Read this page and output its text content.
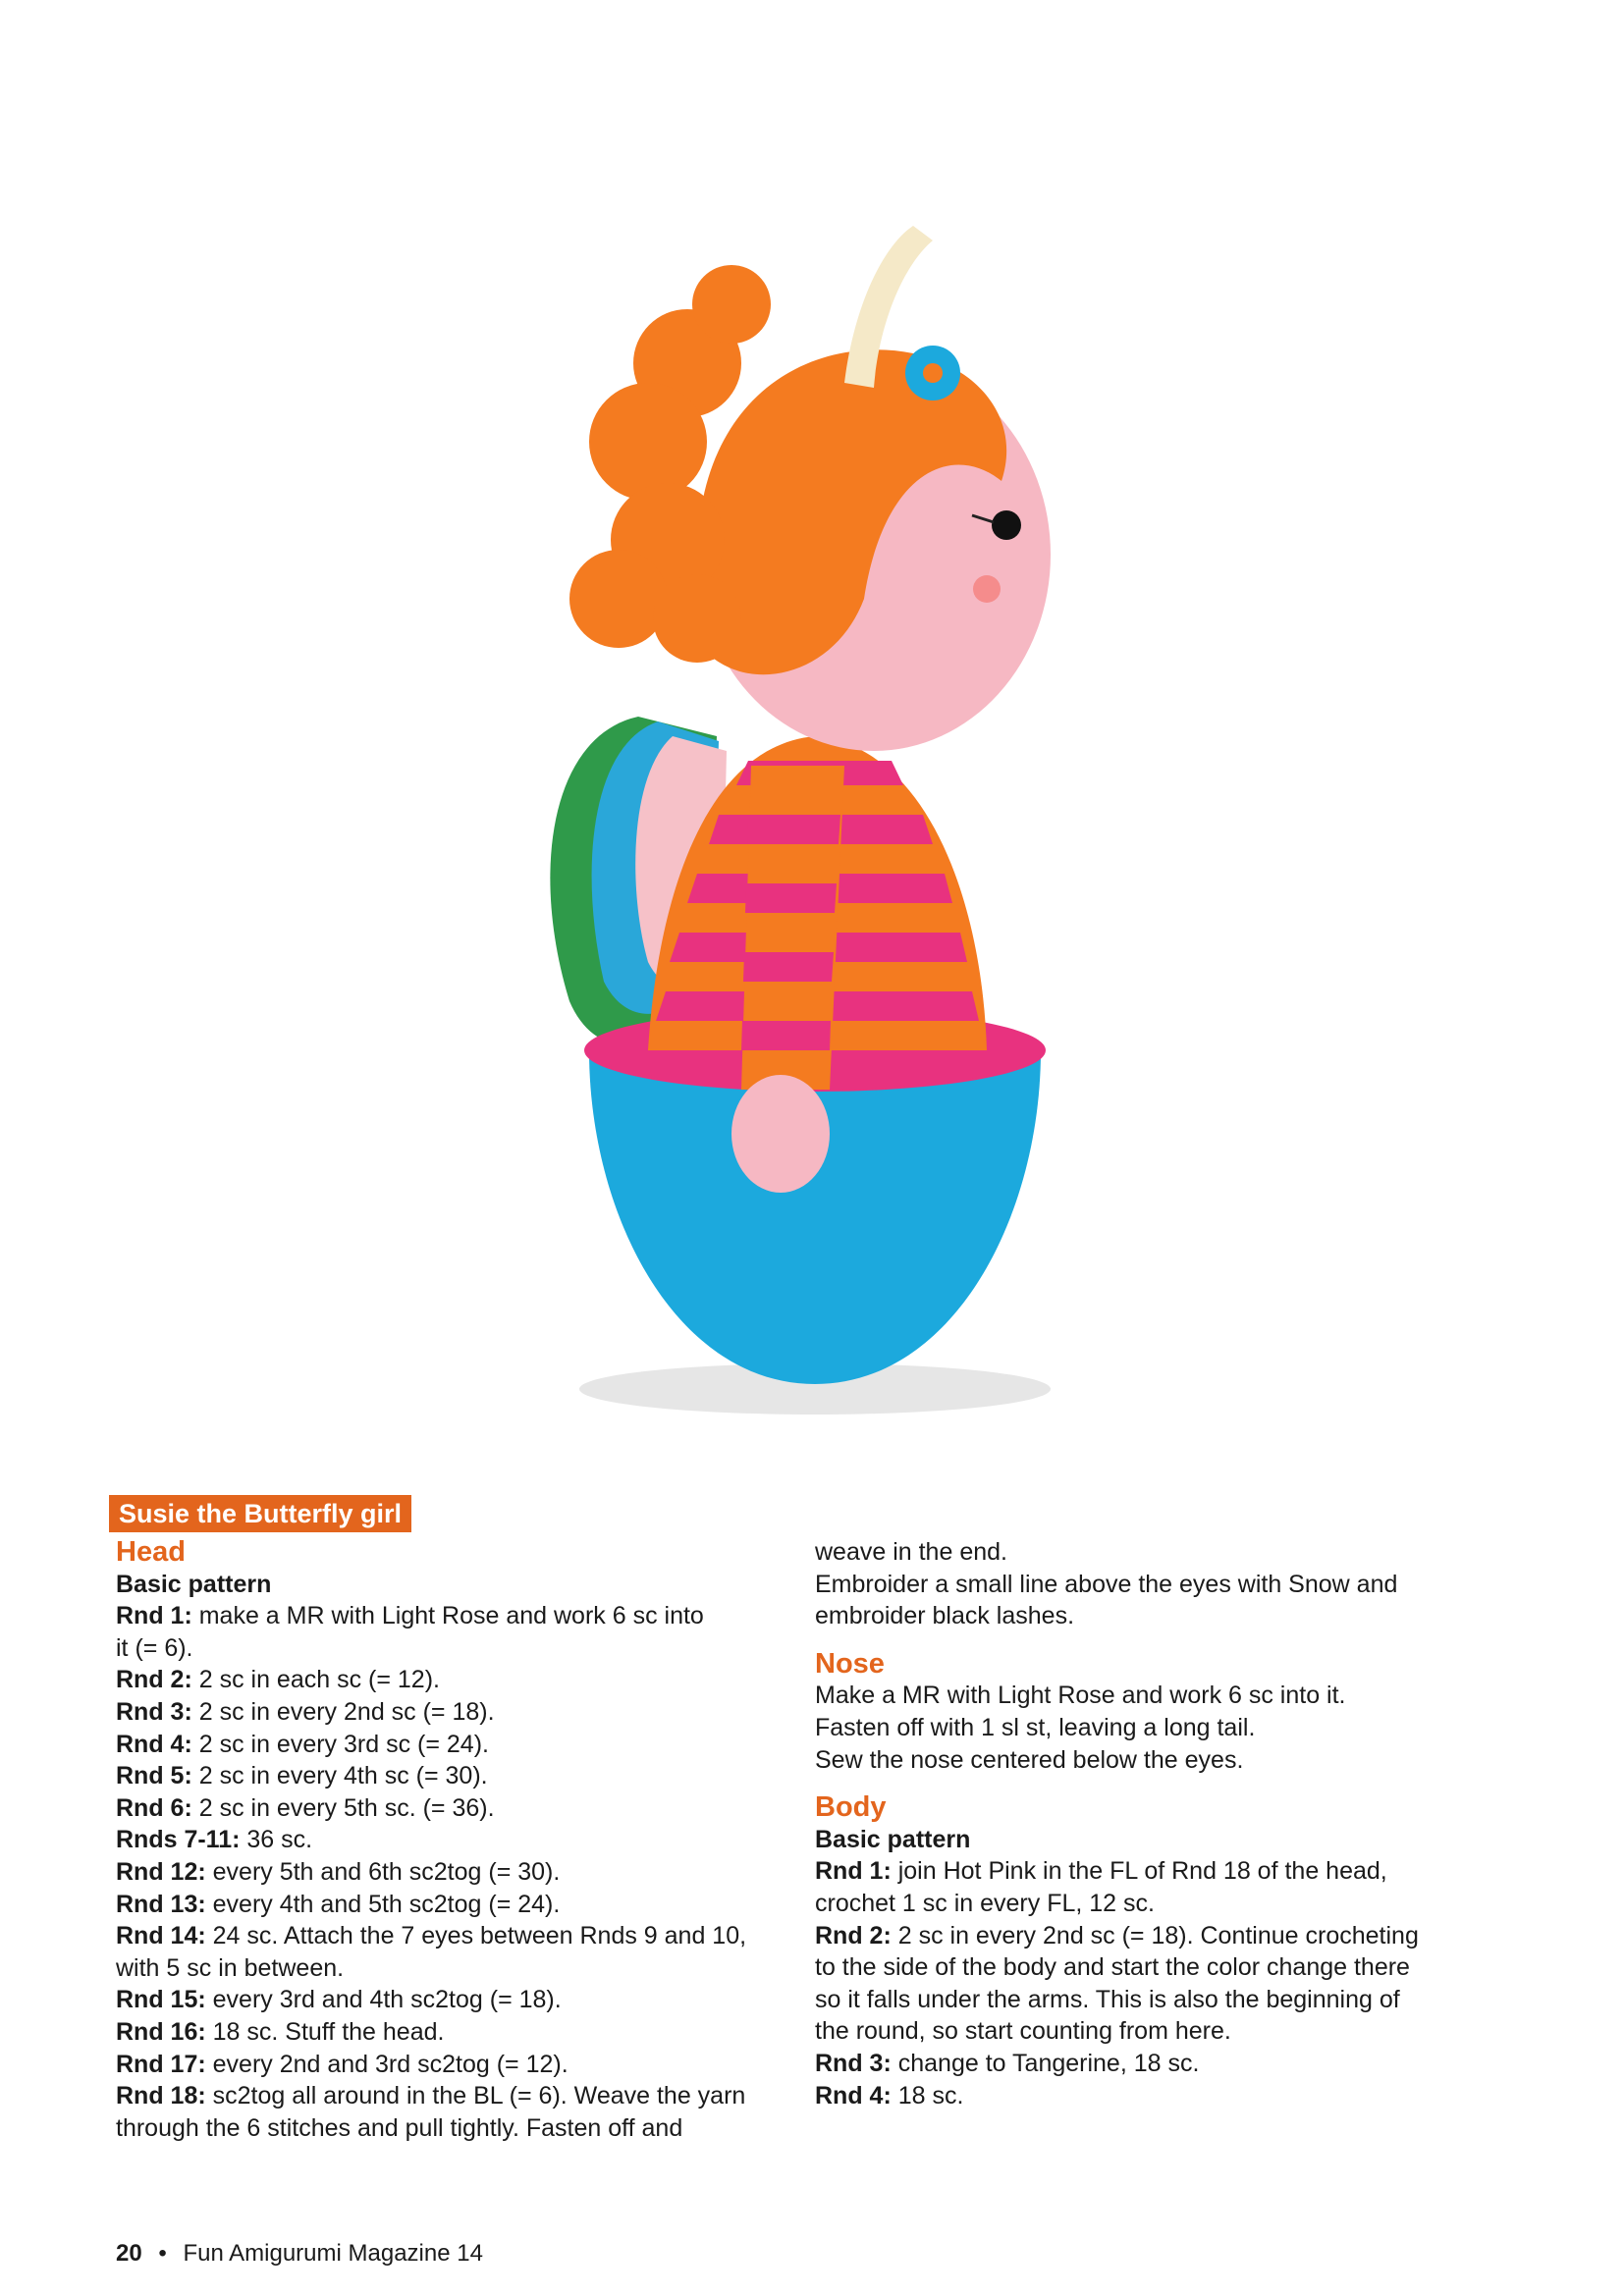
Susie the Butterfly girl

Head

Basic pattern

Rnd 1: make a MR with Light Rose and work 6 sc into

it (= 6).

Rnd 2: 2 sc in each sc (= 12).

Rnd 3: 2 sc in every 2nd sc (= 18).

Rnd 4: 2 sc in every 3rd sc (= 24).

Rnd 5: 2 sc in every 4th sc (= 30).

Rnd 6: 2 sc in every 5th sc. (= 36).

Rnds 7-11: 36 sc.

Rnd 12: every 5th and 6th sc2tog (= 30).

Rnd 13: every 4th and 5th sc2tog (= 24).

Rnd 14: 24 sc. Attach the 7 eyes between Rnds 9 and 10,

with 5 sc in between.

Rnd 15: every 3rd and 4th sc2tog (= 18).

Rnd 16: 18 sc. Stuff the head.

Rnd 17: every 2nd and 3rd sc2tog (= 12).

Rnd 18: sc2tog all around in the BL (= 6). Weave the yarn

through the 6 stitches and pull tightly. Fasten off and

weave in the end.

Embroider a small line above the eyes with Snow and

embroider black lashes.

Nose

Make a MR with Light Rose and work 6 sc into it.

Fasten off with 1 sl st, leaving a long tail.

Sew the nose centered below the eyes.

Body

Basic pattern

Rnd 1: join Hot Pink in the FL of Rnd 18 of the head,

crochet 1 sc in every FL, 12 sc.

Rnd 2: 2 sc in every 2nd sc (= 18). Continue crocheting

to the side of the body and start the color change there

so it falls under the arms. This is also the beginning of

the round, so start counting from here.

Rnd 3: change to Tangerine, 18 sc.

Rnd 4: 18 sc.

20 • Fun Amigurumi Magazine 14
